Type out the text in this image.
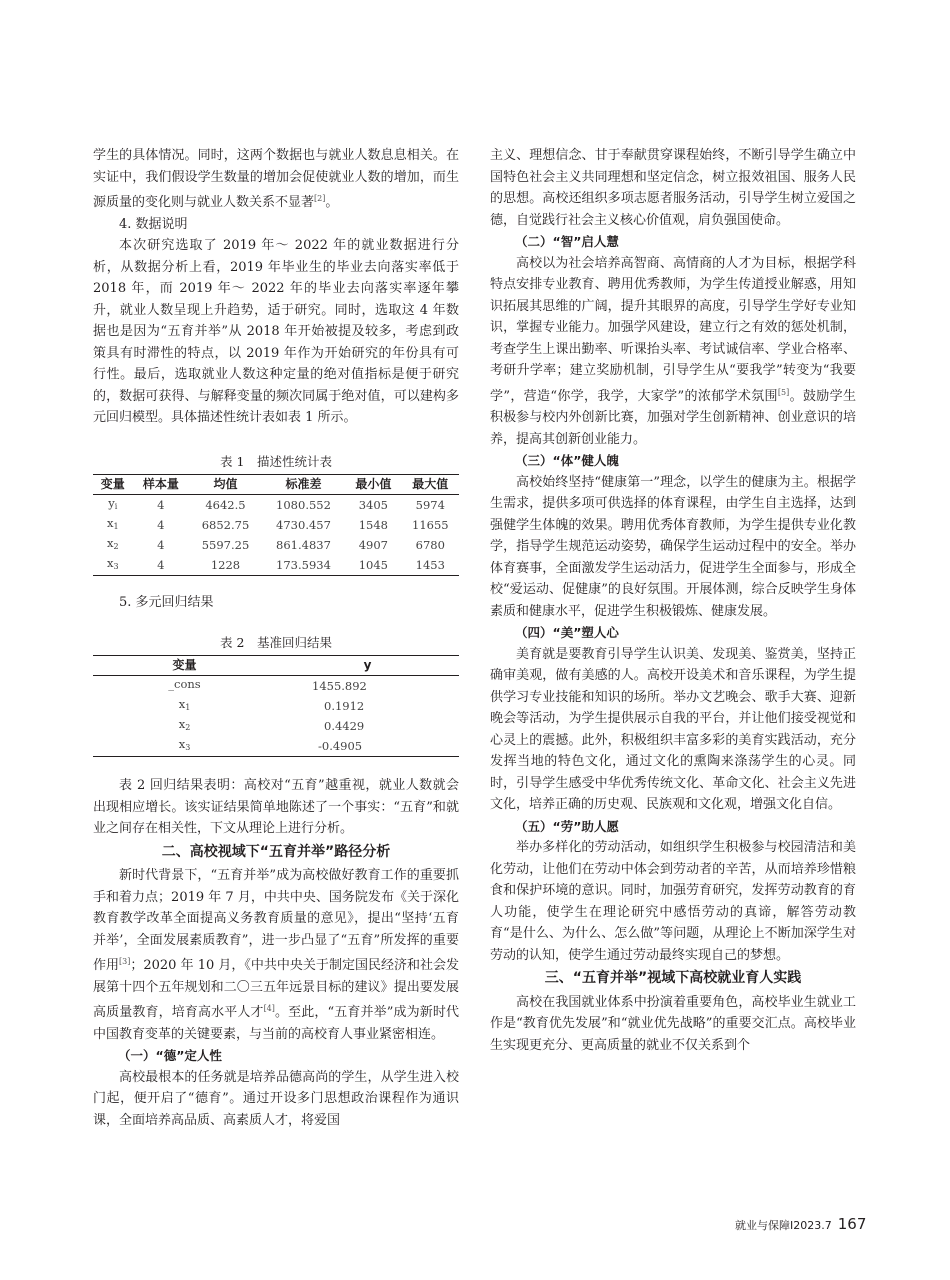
学生的具体情况。同时，这两个数据也与就业人数息息相关。在实证中，我们假设学生数量的增加会促使就业人数的增加，而生源质量的变化则与就业人数关系不显著[2]。

4. 数据说明

本次研究选取了 2019 年～ 2022 年的就业数据进行分析，从数据分析上看，2019 年毕业生的毕业去向落实率低于 2018 年，而 2019 年～ 2022 年的毕业去向落实率逐年攀升，就业人数呈现上升趋势，适于研究。同时，选取这 4 年数据也是因为“五育并举”从 2018 年开始被提及较多，考虑到政策具有时滞性的特点，以 2019 年作为开始研究的年份具有可行性。最后，选取就业人数这种定量的绝对值指标是便于研究的，数据可获得、与解释变量的频次同属于绝对值，可以建构多元回归模型。具体描述性统计表如表 1 所示。

表 1　描述性统计表
变量	样本量	均值	标准差	最小值	最大值
$y_i$	4	4642.5	1080.552	3405	5974
$x_1$	4	6852.75	4730.457	1548	11655
$x_2$	4	5597.25	861.4837	4907	6780
$x_3$	4	1228	173.5934	1045	1453

5. 多元回归结果

表 2　基准回归结果
变量	y
_cons	1455.892
$x_1$	0.1912
$x_2$	0.4429
$x_3$	-0.4905

表 2 回归结果表明：高校对“五育”越重视，就业人数就会出现相应增长。该实证结果简单地陈述了一个事实：“五育”和就业之间存在相关性，下文从理论上进行分析。

二、高校视域下“五育并举”路径分析

新时代背景下，“五育并举”成为高校做好教育工作的重要抓手和着力点；2019 年 7 月，中共中央、国务院发布《关于深化教育教学改革全面提高义务教育质量的意见》，提出“坚持‘五育并举’，全面发展素质教育”，进一步凸显了“五育”所发挥的重要作用[3]；2020 年 10 月，《中共中央关于制定国民经济和社会发展第十四个五年规划和二〇三五年远景目标的建议》提出要发展高质量教育，培育高水平人才[4]。至此，“五育并举”成为新时代中国教育变革的关键要素，与当前的高校育人事业紧密相连。

（一）“德”定人性

高校最根本的任务就是培养品德高尚的学生，从学生进入校门起，便开启了“德育”。通过开设多门思想政治课程作为通识课，全面培养高品质、高素质人才，将爱国

主义、理想信念、甘于奉献贯穿课程始终，不断引导学生确立中国特色社会主义共同理想和坚定信念，树立报效祖国、服务人民的思想。高校还组织多项志愿者服务活动，引导学生树立爱国之德，自觉践行社会主义核心价值观，肩负强国使命。

（二）“智”启人慧

高校以为社会培养高智商、高情商的人才为目标，根据学科特点安排专业教育、聘用优秀教师，为学生传道授业解惑，用知识拓展其思维的广阔，提升其眼界的高度，引导学生学好专业知识，掌握专业能力。加强学风建设，建立行之有效的惩处机制，考查学生上课出勤率、听课抬头率、考试诚信率、学业合格率、考研升学率；建立奖励机制，引导学生从“要我学”转变为“我要学”，营造“你学，我学，大家学”的浓郁学术氛围[5]。鼓励学生积极参与校内外创新比赛，加强对学生创新精神、创业意识的培养，提高其创新创业能力。

（三）“体”健人魄

高校始终坚持“健康第一”理念，以学生的健康为主。根据学生需求，提供多项可供选择的体育课程，由学生自主选择，达到强健学生体魄的效果。聘用优秀体育教师，为学生提供专业化教学，指导学生规范运动姿势，确保学生运动过程中的安全。举办体育赛事，全面激发学生运动活力，促进学生全面参与，形成全校“爱运动、促健康”的良好氛围。开展体测，综合反映学生身体素质和健康水平，促进学生积极锻炼、健康发展。

（四）“美”塑人心

美育就是要教育引导学生认识美、发现美、鉴赏美，坚持正确审美观，做有美感的人。高校开设美术和音乐课程，为学生提供学习专业技能和知识的场所。举办文艺晚会、歌手大赛、迎新晚会等活动，为学生提供展示自我的平台，并让他们接受视觉和心灵上的震撼。此外，积极组织丰富多彩的美育实践活动，充分发挥当地的特色文化，通过文化的熏陶来涤荡学生的心灵。同时，引导学生感受中华优秀传统文化、革命文化、社会主义先进文化，培养正确的历史观、民族观和文化观，增强文化自信。

（五）“劳”助人愿

举办多样化的劳动活动，如组织学生积极参与校园清洁和美化劳动，让他们在劳动中体会到劳动者的辛苦，从而培养珍惜粮食和保护环境的意识。同时，加强劳育研究，发挥劳动教育的育人功能，使学生在理论研究中感悟劳动的真谛，解答劳动教育“是什么、为什么、怎么做”等问题，从理论上不断加深学生对劳动的认知，使学生通过劳动最终实现自己的梦想。

三、“五育并举”视域下高校就业育人实践

高校在我国就业体系中扮演着重要角色，高校毕业生就业工作是“教育优先发展”和“就业优先战略”的重要交汇点。高校毕业生实现更充分、更高质量的就业不仅关系到个

就业与保障I2023.7 167
